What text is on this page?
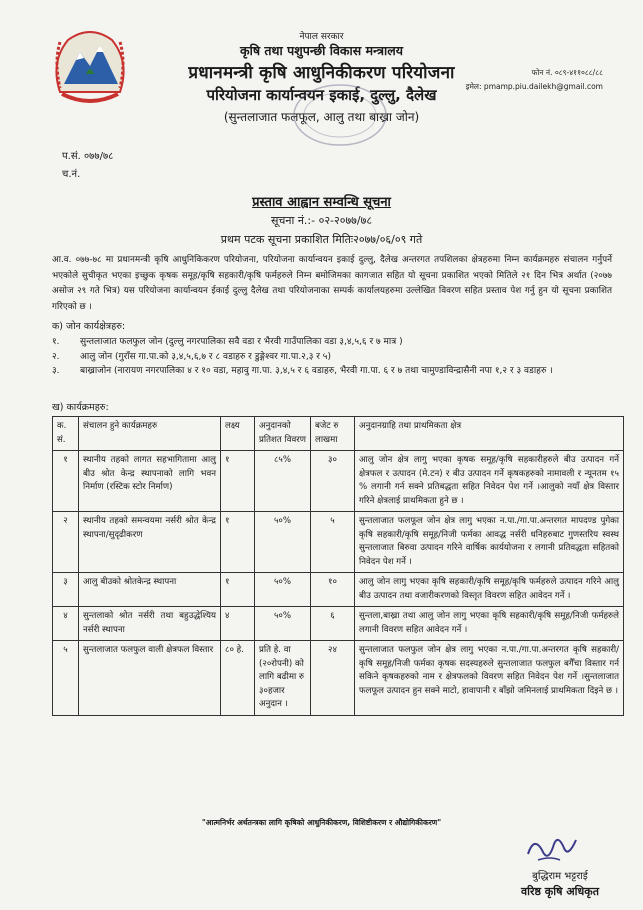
नेपाल सरकार
कृषि तथा पशुपन्छी विकास मन्त्रालय
प्रधानमन्त्री कृषि आधुनिकीकरण परियोजना
परियोजना कार्यान्वयन इकाई, दुल्लु, दैलेख
(सुन्तलाजात फलफूल, आलु तथा बाख्रा जोन)
फोन नं. ०८९-४११०८८/८८
इमेल: pmamp.piu.dailekh@gmail.com
प.सं. ०७७/७८
च.नं.
प्रस्ताव आह्वान सम्वन्धि सूचना
सूचना नं.:- ०२-२०७७/७८
प्रथम पटक सूचना प्रकाशित मितिः२०७७/०६/०९ गते
आ.व. ०७७-७८ मा प्रधानमन्त्री कृषि आधुनिकिकरण परियोजना, परियोजना कार्यान्वयन इकाई दुल्लु, दैलेख अन्तरगत तपशिलका क्षेत्रहरुमा निम्न कार्यक्रमहरु संचालन गर्नुपर्ने भएकोले सुचीकृत भएका इच्छुक कृषक समूह/कृषि सहकारी/कृषि फर्महरुले निम्न बमोजिमका कागजात सहित यो सूचना प्रकाशित भएको मितिले २१ दिन भित्र अर्थात (२०७७ असोज २९ गते भित्र) यस परियोजना कार्यान्वयन ईकाई दुल्लु दैलेख तथा परियोजनाका सम्पर्क कार्यालयहरुमा उल्लेखित विवरण सहित प्रस्ताव पेश गर्नु हुन यो सूचना प्रकाशित गरिएको छ ।
क) जोन कार्यक्षेत्रहरु:
१.	सुन्तलाजात फलफुल जोन (दुल्लु नगरपालिका सवै वडा र भैरवी गाउँपालिका वडा ३,४,५,६ र ७ मात्र )
२.	आलु जोन (गुराँस गा.पा.को ३,४,५,६,७ र ८ वडाहरु र डुङ्गेश्वर गा.पा.२,३ र ५)
३.	बाख्राजोन (नारायण नगरपालिका ४ र १० वडा, महावु गा.पा. ३,४,५ र ६ वडाहरु, भैरवी गा.पा. ६ र ७ तथा चामुण्डाविन्द्रासैनी नपा १,२ र ३ वडाहरु ।
ख) कार्यक्रमहरु:
क. सं.	संचालन हुने कार्यक्रमहरु	लक्ष्य	अनुदानको प्रतिशत विवरण	बजेट रु लाखमा	अनुदानग्राहि तथा प्राथमिकता क्षेत्र
१	स्थानीय तहको लागत सहभागितामा आलु बीउ श्रोत केन्द्र स्थापनाको लागि भवन निर्माण (रस्टिक स्टोर निर्माण)	१	८५%	३०	आलु जोन क्षेत्र लागु भएका कृषक समूह/कृषि सहकारीहरुले बीउ उत्पादन गर्ने क्षेत्रफल र उत्पादन (मे.टन) र बीउ उत्पादन गर्ने कृषकहरुको नामावली र न्यूनतम १५ % लगानी गर्न सक्ने प्रतिबद्धता सहित निवेदन पेश गर्ने ।आलुको नयाँ क्षेत्र विस्तार गरिने क्षेत्रलाई प्राथमिकता हुने छ ।
२	स्थानीय तहको समन्वयमा नर्सरी श्रोत केन्द्र स्थापना/सुदृढीकरण	१	५०%	५	सुन्तलाजात फलफूल जोन क्षेत्र लागु भएका न.पा./गा.पा.अन्तरगत मापदण्ड पुगेका कृषि सहकारी/कृषि समूह/निजी फर्मका आवद्ध नर्सरी धनिहरुबाट गुणस्तरिय स्वस्थ सुन्तलाजात बिरुवा उत्पादन गरिने वार्षिक कार्ययोजना र लगानी प्रतिवद्धता सहितको निवेदन पेश गर्ने ।
३	आलु बीउको श्रोतकेन्द्र स्थापना	१	५०%	१०	आलु जोन लागु भएका कृषि सहकारी/कृषि समूह/कृषि फर्महरुले उत्पादन गरिने आलु बीउ उत्पादन तथा वजारीकरणको विस्तृत विवरण सहित आवेदन गर्ने ।
४	सुन्तलाको श्रोत नर्सरी तथा बहुउद्धेश्यिय नर्सरी स्थापना	४	५०%	६	सुन्तला,बाख्रा तथा आलु जोन लागु भएका कृषि सहकारी/कृषि समूह/निजी फर्महरुले लगानी विवरण सहित आवेदन गर्ने ।
५	सुन्तलाजात फलफुल वाली क्षेत्रफल विस्तार	८० हे.	प्रति हे. वा (२०रोपनी) को लागि बढीमा रु ३०हजार अनुदान ।	२४	सुन्तलाजात फलफुल जोन क्षेत्र लागु भएका न.पा./गा.पा.अन्तरगत कृषि सहकारी/कृषि समूह/निजी फर्मका कृषक सदस्यहरुले सुन्तलाजात फलफुल बगैँचा विस्तार गर्न सकिने कृषकहरुको नाम र क्षेत्रफलको विवरण सहित निवेदन पेश गर्ने ।सुन्तलाजात फलफूल उत्पादन हुन सक्ने माटो, हावापानी र बाँझो जमिनलाई प्राथमिकता दिइने छ ।
"आत्मनिर्भर अर्थतन्त्रका लागि कृषिको आधुनिकीकरण, विशिष्टीकरण र औद्योगिकीकरण"
बुद्धिराम भट्टराई
वरिष्ठ कृषि अधिकृत
